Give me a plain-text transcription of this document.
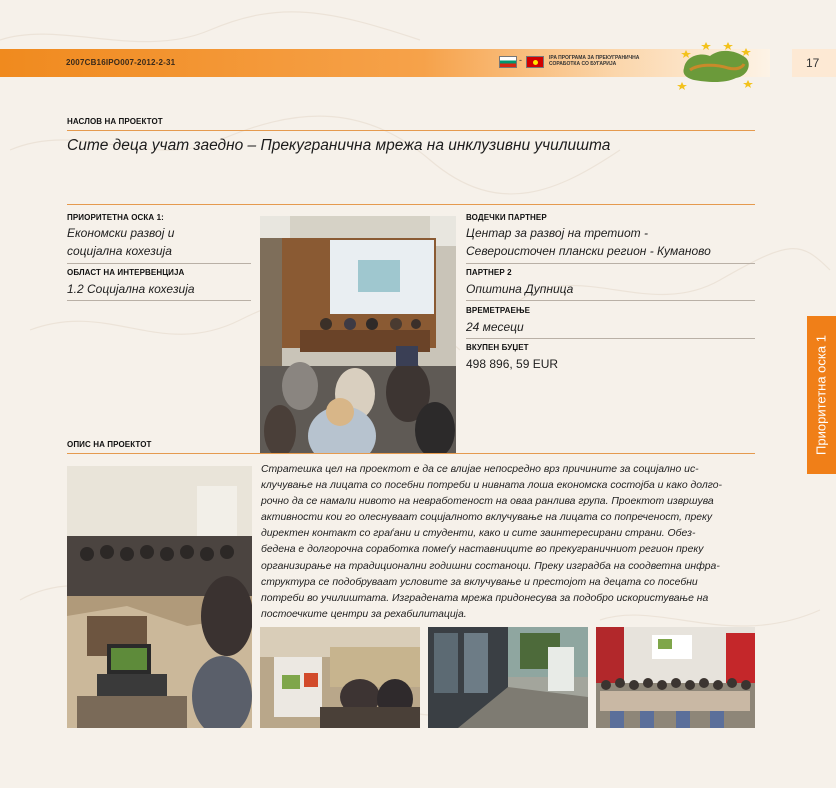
2007CB16IPO007-2012-2-31	-	IPA ПРОГРАМА ЗА ПРЕКУГРАНИЧНА
СОРАБОТКА СО БУГАРИЈА	17
Приоритетна оска 1
НАСЛОВ НА ПРОЕКТОТ
Сите деца учат заедно – Прекугранична мрежа на инклузивни училишта
ПРИОРИТЕТНА ОСКА 1:
Економски развој и
социјална кохезија
ОБЛАСТ НА ИНТЕРВЕНЦИЈА
1.2 Социјална кохезија
ВОДЕЧКИ ПАРТНЕР
Центар за развој на третиот -
Североисточен плански регион - Куманово
ПАРТНЕР 2
Општина Дупница
ВРЕМЕТРАЕЊЕ
24 месеци
ВКУПЕН БУЏЕТ
498 896, 59 EUR
ОПИС НА ПРОЕКТОТ
Стратешка цел на проектот е да се влијае непосредно врз причините за социјално ис-
клучување на лицата со посебни потреби и нивната лоша економска состојба и како долго-
рочно да се намали нивото на невработеност на оваа ранлива група. Проектот извршува
активности кои го олеснуваат социјалното вклучување на лицата со попреченост, преку
директен контакт со граѓани и студенти, како и сите заинтересирани страни. Обез-
бедена е долгорочна соработка помеѓу наставниците во прекуграничниот регион преку
организирање на традиционални годишни состаноци. Преку изградба на соодветна инфра-
структура се подобруваат условите за вклучување и престојот на децата со посебни
потреби во училиштата. Изградената мрежа придонесува за подобро искористување на
постоечките центри за рехабилитација.
